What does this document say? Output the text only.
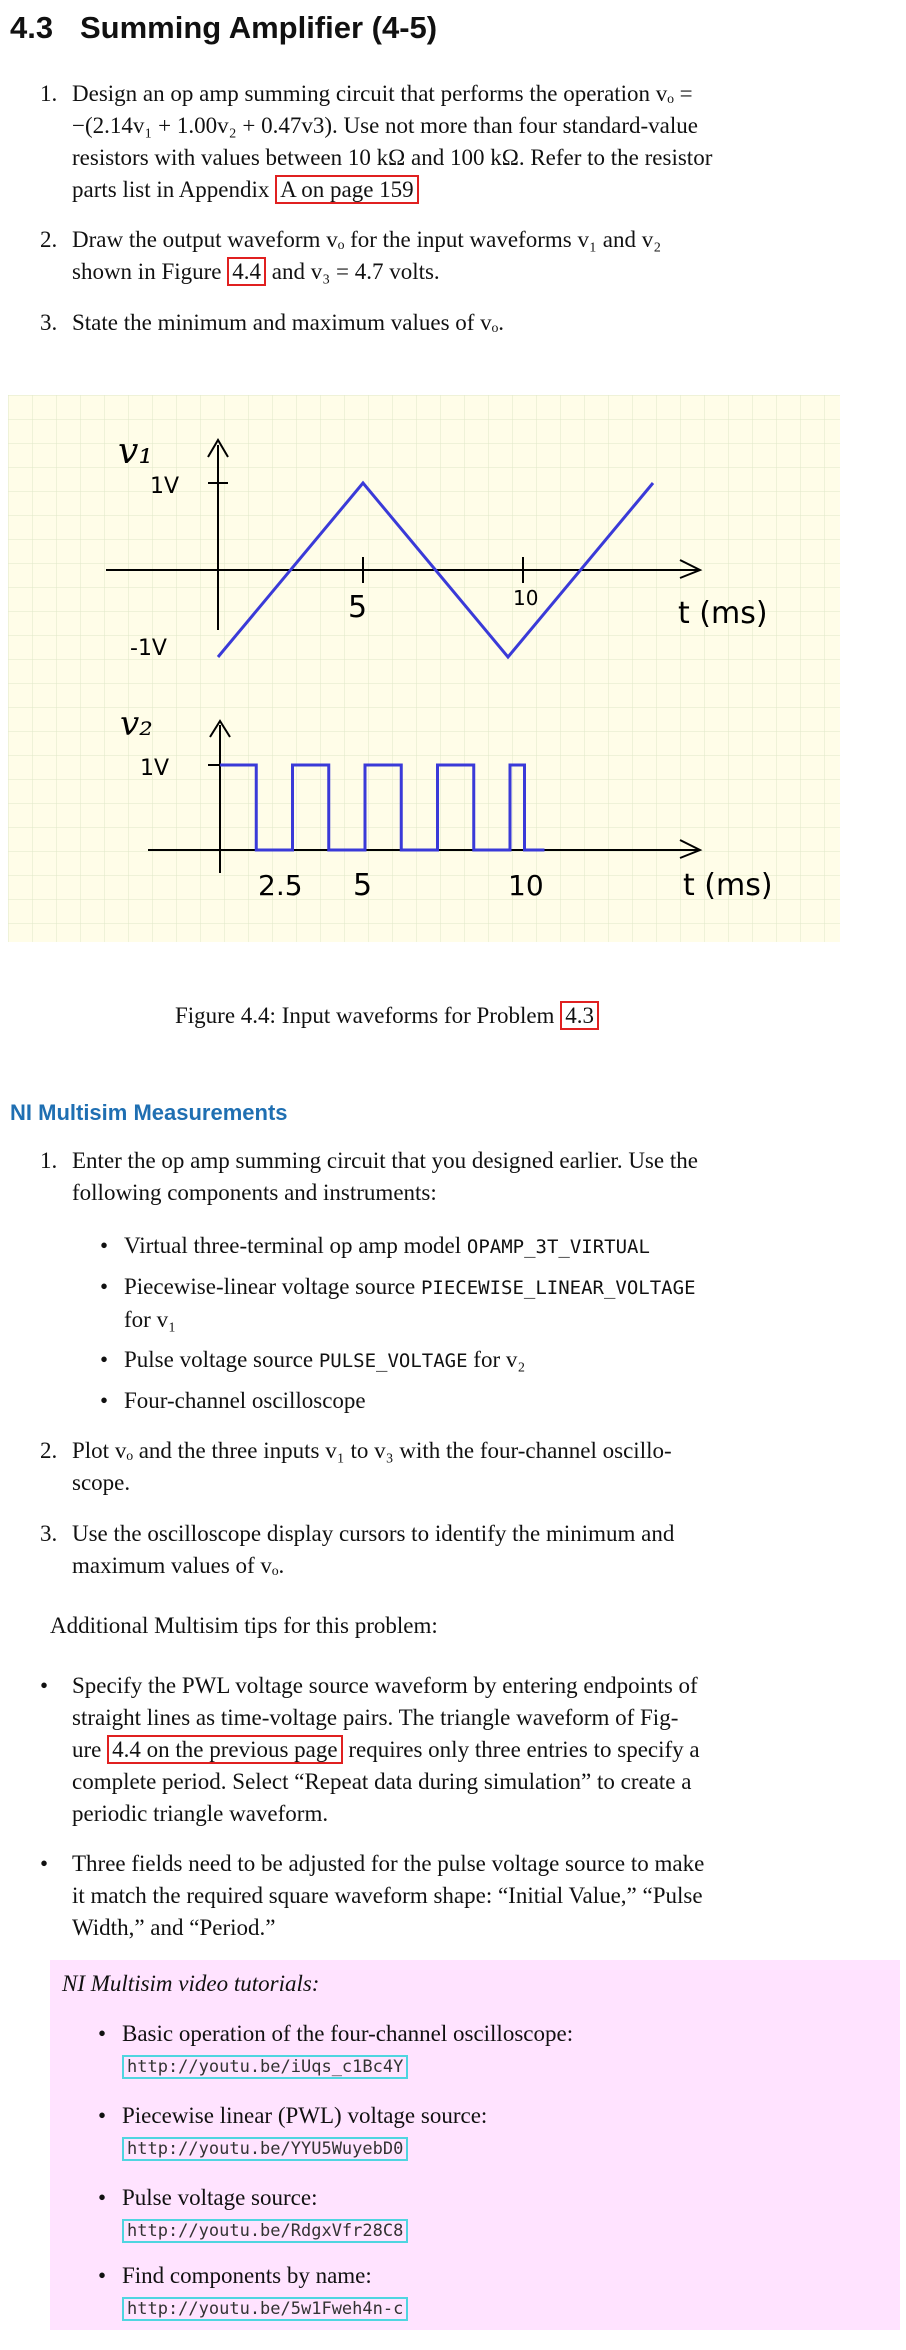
4.3 Summing Amplifier (4-5)
1. Design an op amp summing circuit that performs the operation vₒ =
−(2.14v₁ + 1.00v₂ + 0.47v3). Use not more than four standard-value
resistors with values between 10 kΩ and 100 kΩ. Refer to the resistor
parts list in Appendix A on page 159
2. Draw the output waveform vₒ for the input waveforms v₁ and v₂
shown in Figure 4.4 and v₃ = 4.7 volts.
3. State the minimum and maximum values of vₒ.
v₁
1V
-1V
5	10	t (ms)
v₂
1V
2.5 5	10	t (ms)
Figure 4.4: Input waveforms for Problem 4.3
NI Multisim Measurements
1. Enter the op amp summing circuit that you designed earlier. Use the
following components and instruments:
• Virtual three-terminal op amp model OPAMP_3T_VIRTUAL
• Piecewise-linear voltage source PIECEWISE_LINEAR_VOLTAGE
for v₁
• Pulse voltage source PULSE_VOLTAGE for v₂
• Four-channel oscilloscope
2. Plot vₒ and the three inputs v₁ to v₃ with the four-channel oscillo-
scope.
3. Use the oscilloscope display cursors to identify the minimum and
maximum values of vₒ.
Additional Multisim tips for this problem:
• Specify the PWL voltage source waveform by entering endpoints of
straight lines as time-voltage pairs. The triangle waveform of Fig-
ure 4.4 on the previous page requires only three entries to specify a
complete period. Select “Repeat data during simulation” to create a
periodic triangle waveform.
• Three fields need to be adjusted for the pulse voltage source to make
it match the required square waveform shape: “Initial Value,” “Pulse
Width,” and “Period.”
NI Multisim video tutorials:
• Basic operation of the four-channel oscilloscope:
http://youtu.be/iUqs_c1Bc4Y
• Piecewise linear (PWL) voltage source:
http://youtu.be/YYU5WuyebD0
• Pulse voltage source:
http://youtu.be/RdgxVfr28C8
• Find components by name:
http://youtu.be/5w1Fweh4n-c
